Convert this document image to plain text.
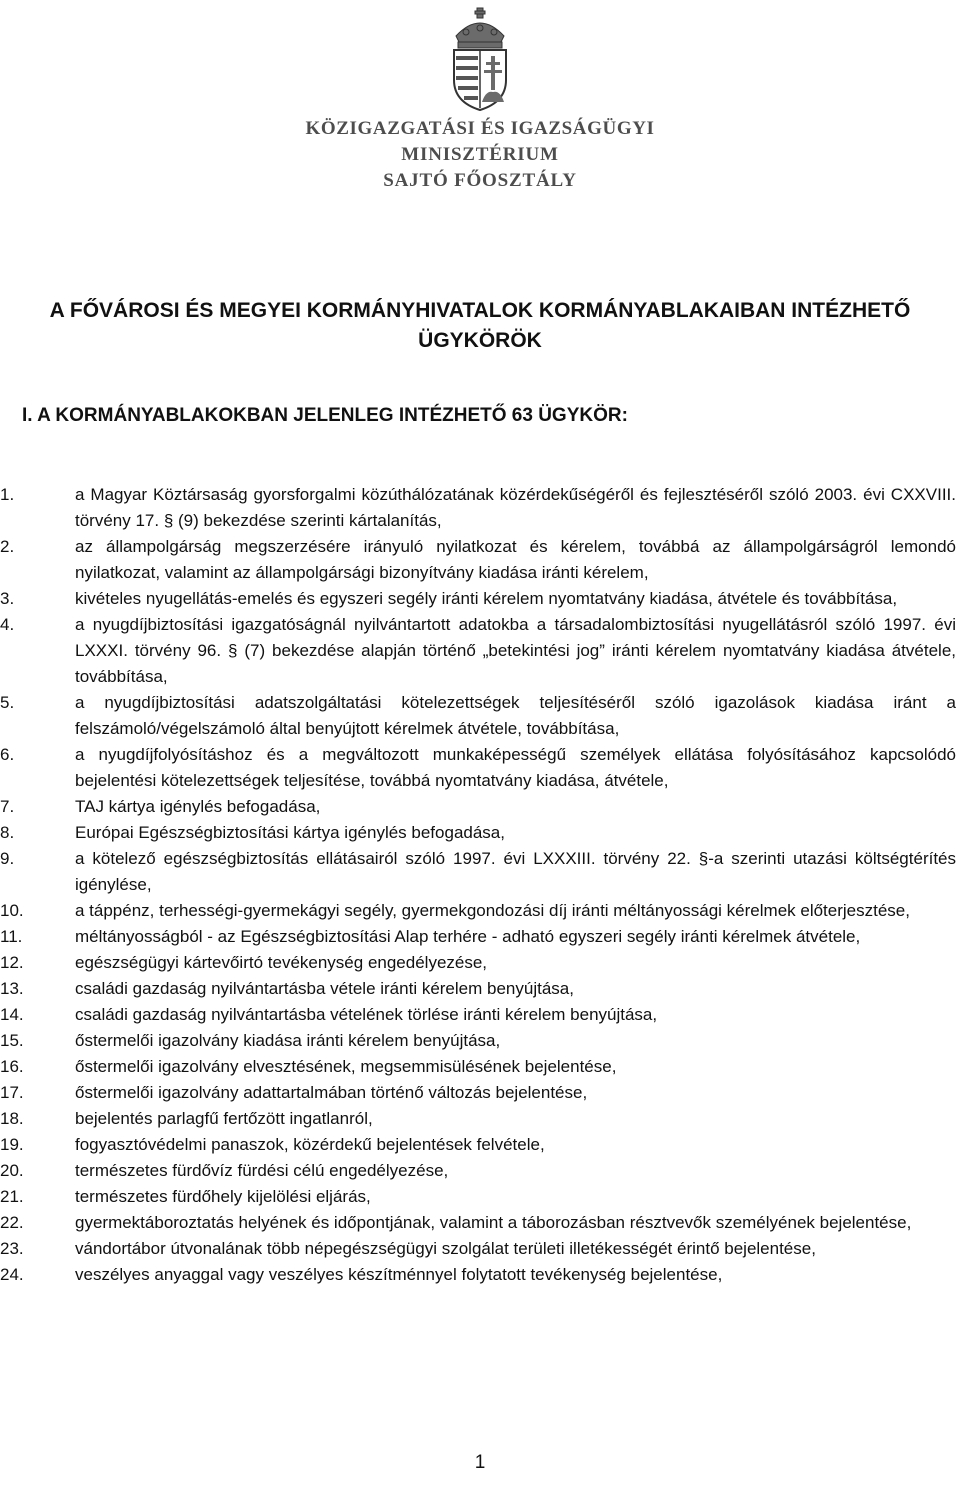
KÖZIGAZGATÁSI ÉS IGAZSÁGÜGYI
MINISZTÉRIUM
SAJTÓ FŐOSZTÁLY
A FŐVÁROSI ÉS MEGYEI KORMÁNYHIVATALOK KORMÁNYABLAKAIBAN INTÉZHETŐ
ÜGYKÖRÖK
I. A KORMÁNYABLAKOKBAN JELENLEG INTÉZHETŐ 63 ÜGYKÖR:
1.	a Magyar Köztársaság gyorsforgalmi közúthálózatának közérdekűségéről és fejlesztéséről szóló 2003. évi CXXVIII. törvény 17. § (9) bekezdése szerinti kártalanítás,
2.	az állampolgárság megszerzésére irányuló nyilatkozat és kérelem, továbbá az állampolgárságról lemondó nyilatkozat, valamint az állampolgársági bizonyítvány kiadása iránti kérelem,
3.	kivételes nyugellátás-emelés és egyszeri segély iránti kérelem nyomtatvány kiadása, átvétele és továbbítása,
4.	a nyugdíjbiztosítási igazgatóságnál nyilvántartott adatokba a társadalombiztosítási nyugellátásról szóló 1997. évi LXXXI. törvény 96. § (7) bekezdése alapján történő „betekintési jog” iránti kérelem nyomtatvány kiadása átvétele, továbbítása,
5.	a nyugdíjbiztosítási adatszolgáltatási kötelezettségek teljesítéséről szóló igazolások kiadása iránt a felszámoló/végelszámoló által benyújtott kérelmek átvétele, továbbítása,
6.	a nyugdíjfolyósításhoz és a megváltozott munkaképességű személyek ellátása folyósításához kapcsolódó bejelentési kötelezettségek teljesítése, továbbá nyomtatvány kiadása, átvétele,
7.	TAJ kártya igénylés befogadása,
8.	Európai Egészségbiztosítási kártya igénylés befogadása,
9.	a kötelező egészségbiztosítás ellátásairól szóló 1997. évi LXXXIII. törvény 22. §-a szerinti utazási költségtérítés igénylése,
10.	a táppénz, terhességi-gyermekágyi segély, gyermekgondozási díj iránti méltányossági kérelmek előterjesztése,
11.	méltányosságból - az Egészségbiztosítási Alap terhére - adható egyszeri segély iránti kérelmek átvétele,
12.	egészségügyi kártevőirtó tevékenység engedélyezése,
13.	családi gazdaság nyilvántartásba vétele iránti kérelem benyújtása,
14.	családi gazdaság nyilvántartásba vételének törlése iránti kérelem benyújtása,
15.	őstermelői igazolvány kiadása iránti kérelem benyújtása,
16.	őstermelői igazolvány elvesztésének, megsemmisülésének bejelentése,
17.	őstermelői igazolvány adattartalmában történő változás bejelentése,
18.	bejelentés parlagfű fertőzött ingatlanról,
19.	fogyasztóvédelmi panaszok, közérdekű bejelentések felvétele,
20.	természetes fürdővíz fürdési célú engedélyezése,
21.	természetes fürdőhely kijelölési eljárás,
22.	gyermektáboroztatás helyének és időpontjának, valamint a táborozásban résztvevők személyének bejelentése,
23.	vándortábor útvonalának több népegészségügyi szolgálat területi illetékességét érintő bejelentése,
24.	veszélyes anyaggal vagy veszélyes készítménnyel folytatott tevékenység bejelentése,
1
